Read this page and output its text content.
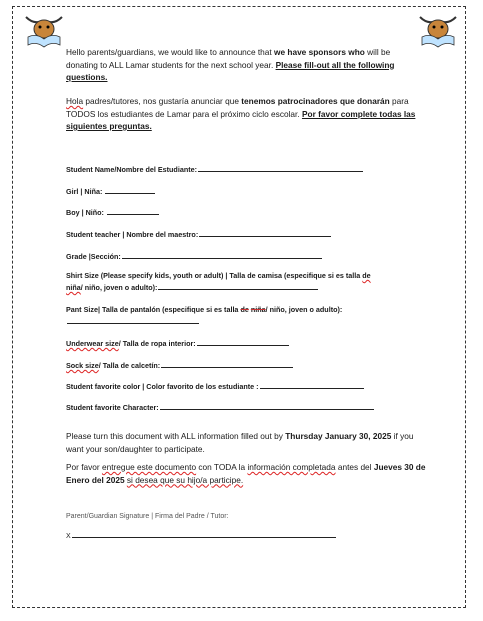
Hello parents/guardians, we would like to announce that we have sponsors who will be donating to ALL Lamar students for the next school year. Please fill-out all the following questions.
Hola padres/tutores, nos gustaría anunciar que tenemos patrocinadores que donarán para TODOS los estudiantes de Lamar para el próximo ciclo escolar. Por favor complete todas las siguientes preguntas.
Student Name/Nombre del Estudiante:
Girl | Niña:
Boy | Niño:
Student teacher | Nombre del maestro:
Grade |Sección:
Shirt Size (Please specify kids, youth or adult) | Talla de camisa (especifique si es talla de
niña/ niño, joven o adulto):
Pant Size| Talla de pantalón (especifique si es talla de niña/ niño, joven o adulto):
Underwear size/ Talla de ropa interior:
Sock size/ Talla de calcetín:
Student favorite color | Color favorito de los estudiante :
Student favorite Character:
Please turn this document with ALL information filled out by Thursday January 30, 2025 if you want your son/daughter to participate.
Por favor entregue este documento con TODA la información completada antes del Jueves 30 de Enero del 2025 si desea que su hijo/a participe.
Parent/Guardian Signature | Firma del Padre / Tutor:
X
